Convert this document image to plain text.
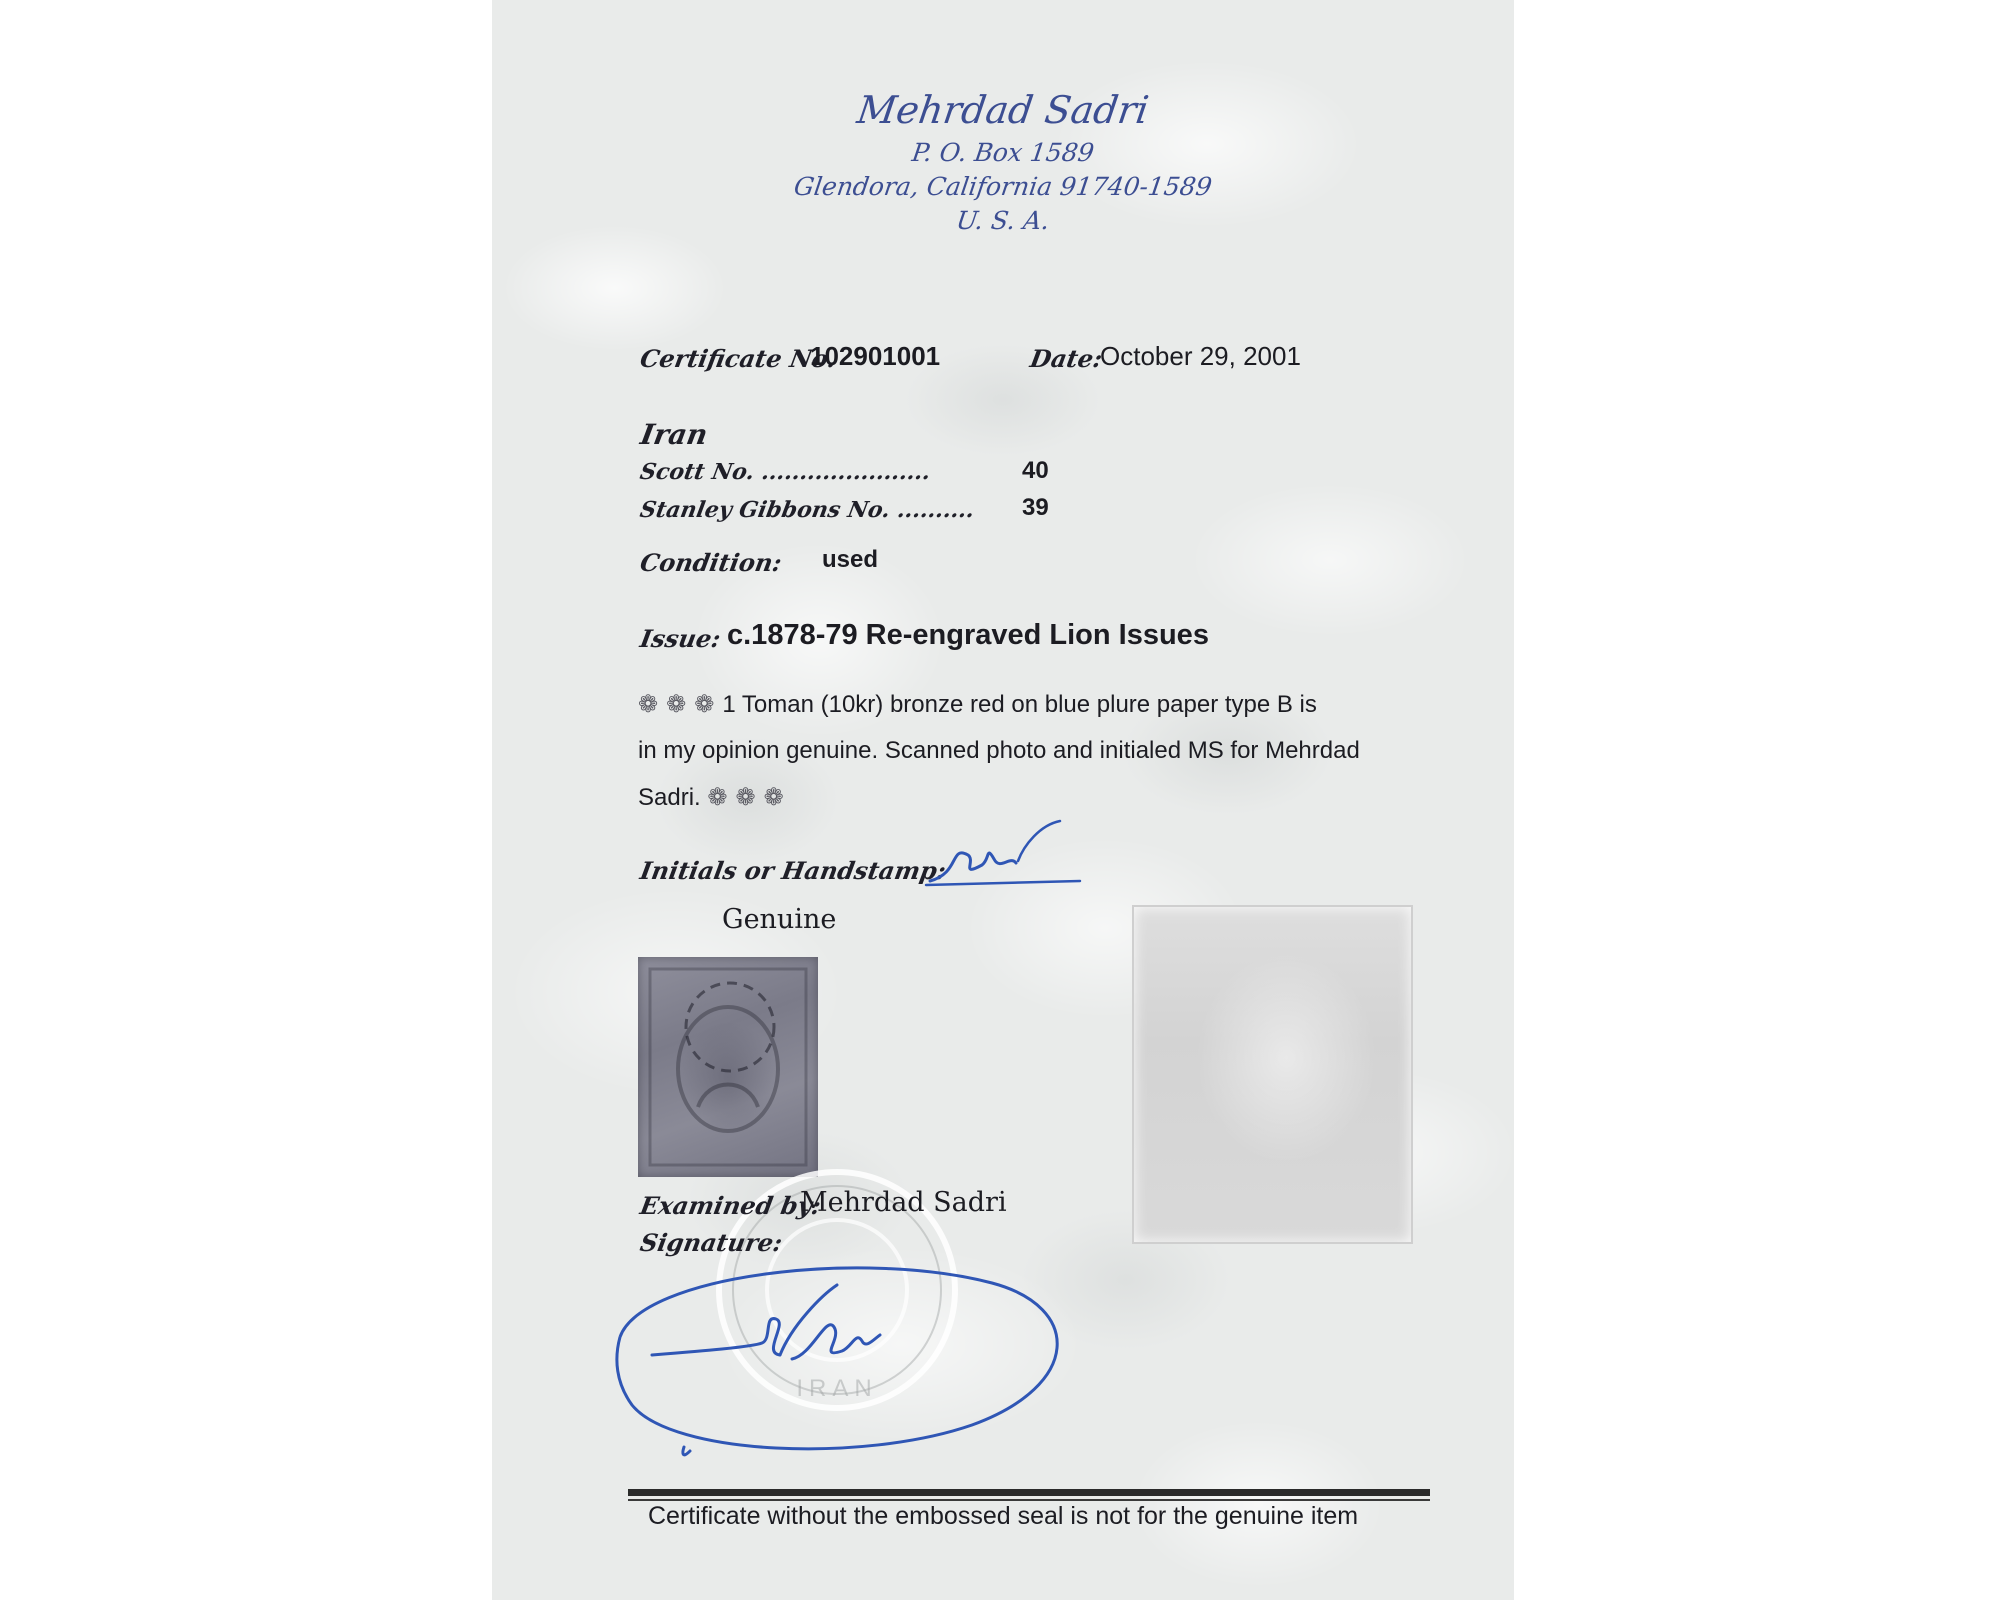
Mehrdad Sadri
P. O. Box 1589
Glendora, California 91740-1589
U. S. A.
Certificate No.
102901001	Date:
October 29, 2001
Iran
Scott No. ......................	40
Stanley Gibbons No. .......... 39
Condition: used
Issue: c.1878-79 Re-engraved Lion Issues
❁❁❁1 Toman (10kr) bronze red on blue plure paper type B is
in my opinion genuine. Scanned photo and initialed MS for Mehrdad
Sadri. ❁❁❁
Initials or Handstamp:
Genuine
IRAN
Examined by:
Mehrdad Sadri
Signature:
Certificate without the embossed seal is not for the genuine item
